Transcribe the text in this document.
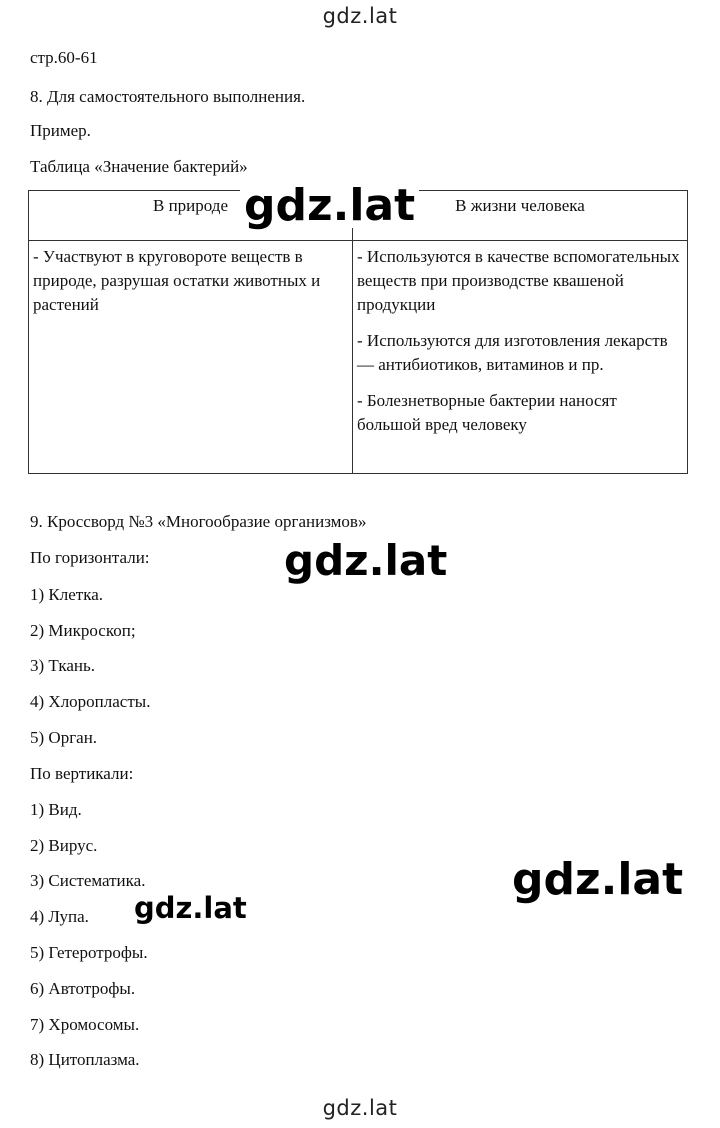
gdz.lat
стр.60-61
8. Для самостоятельного выполнения.
Пример.
Таблица «Значение бактерий»
В природе	В жизни человека

- Участвуют в круговороте веществ в природе, разрушая остатки животных и растений	- Используются в качестве вспомогательных веществ при производстве квашеной продукции
- Используются для изготовления лекарств — антибиотиков, витаминов и пр.
- Болезнетворные бактерии наносят большой вред человеку
9. Кроссворд №3 «Многообразие организмов»
По горизонтали:
1) Клетка.
2) Микроскоп;
3) Ткань.
4) Хлоропласты.
5) Орган.
По вертикали:
1) Вид.
2) Вирус.
3) Систематика.
4) Лупа.
5) Гетеротрофы.
6) Автотрофы.
7) Хромосомы.
8) Цитоплазма.
gdz.lat
gdz.lat
gdz.lat
gdz.lat
gdz.lat
